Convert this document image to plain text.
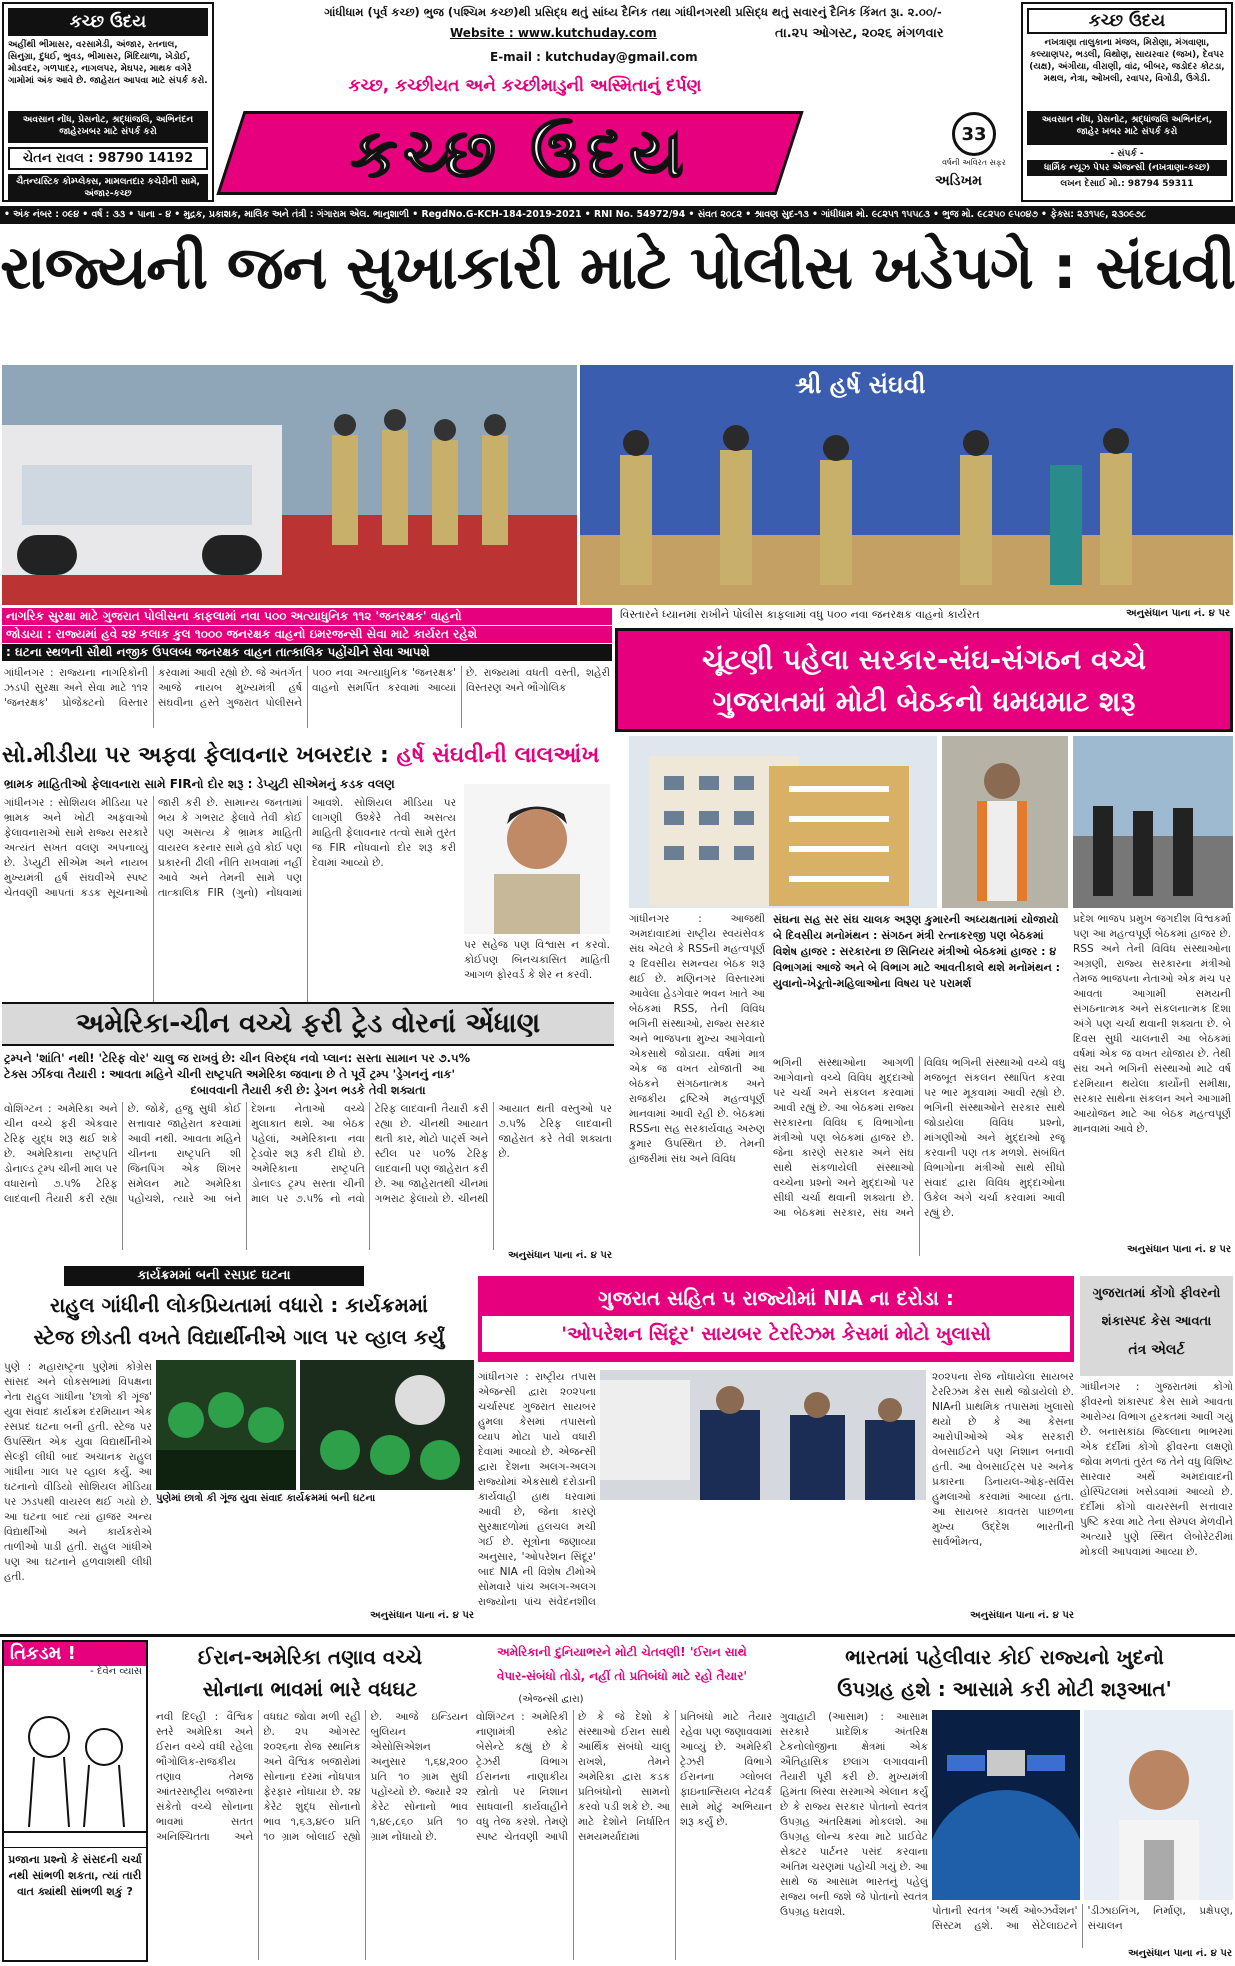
કચ્છ ઉદય
અહીંથી ભીમાસર, વરસામેડી, અંજાર, રતનાલ, સિનુગ્રા, દુધઈ, ભુવડ, ભીમાસર, મિંદિયાળા, ખેડોઈ, મોડવદર, ગળપાદર, નાગલપર, મેઘપર, માથક વગેરે ગામોમાં અંક આવે છે. જાહેરાત આપવા માટે સંપર્ક કરો.
અવસાન નોંધ, પ્રેસનોટ, શ્રદ્ધાંજલિ, અભિનંદન જાહેરખબર માટે સંપર્ક કરો
ચેતન રાવલ : 98790 14192
ચૈતન્યસ્ટિક કોમ્પ્લેક્સ, મામલતદાર કચેરીની સામે, અંજાર-કચ્છ
ગાંધીધામ (પૂર્વ કચ્છ) ભુજ (પશ્ચિમ કચ્છ)થી પ્રસિદ્ધ થતું સાંધ્ય દૈનિક તથા ગાંધીનગરથી પ્રસિદ્ધ થતું સવારનું દૈનિક કિંમત રૂા. ૨.૦૦/-
Website : www.kutchuday.com
E-mail : kutchuday@gmail.com
તા.૨૫ ઓગસ્ટ, ૨૦૨૬ મંગળવાર
કચ્છ, કચ્છીયત અને કચ્છીમાડુની અસ્મિતાનું દર્પણ
કચ્છ ઉદય	33
વર્ષની અવિરત સફર
અડિખમ
કચ્છ ઉદય
નખત્રાણા તાલુકાના મંજલ, મિરોણા, મંગવાણા, કલ્યાણપર, ભડલી, વિથોણ, સાયરવાર (જખ), દેવપર (યક્ષ), અંગીયા, વીરાણી, વાંઢ, બીબર, જડોદર કોટડા, મથલ, નેત્રા, ઓખલી, રવાપર, વિગોડી, ઉગેડી.
અવસાન નોંધ, પ્રેસનોટ, શ્રદ્ધાંજલિ અભિનંદન, જાહેર ખબર માટે સંપર્ક કરો
- સંપર્ક -
ધાર્મિક ન્યૂઝ પેપર એજન્સી (નખત્રાણા-કચ્છ)
લખન દેસાઈ મો.: 98794 59311
• અંક નંબર : ૦૯૪ • વર્ષ : ૩૩ • પાના - ૪ • મુદ્રક, પ્રકાશક, માલિક અને તંત્રી : ગંગારામ એલ. ભાનુશાળી • RegdNo.G-KCH-184-2019-2021 • RNI No. 54972/94 • સંવત ૨૦૮૨ • શ્રાવણ સુદ-૧૩ • ગાંધીધામ મો. ૯૮૨૫૧ ૧૫૫૮૩ • ભુજ મો. ૯૮૨૫૦ ૯૫૦૪૭ • ફેક્સ: ૨૩૧૫૯, ૨૩૦૯૭૮
રાજ્યની જન સુખાકારી માટે પોલીસ ખડેપગે : સંઘવી
શ્રી હર્ષ સંઘવી
વિસ્તારને ધ્યાનમાં રાખીને પોલીસ કાફલામાં વધુ ૫૦૦ નવા જનરક્ષક વાહનો કાર્યરત	અનુસંધાન પાના નં. ૪ પર
નાગરિક સુરક્ષા માટે ગુજરાત પોલીસના કાફલામાં નવા ૫૦૦ અત્યાધુનિક ૧૧૨ 'જનરક્ષક' વાહનો
જોડાયા : રાજ્યમાં હવે ૨૪ કલાક કુલ ૧૦૦૦ જનરક્ષક વાહનો ઇમરજન્સી સેવા માટે કાર્યરત રહેશે
: ઘટના સ્થળની સૌથી નજીક ઉપલબ્ધ જનરક્ષક વાહન તાત્કાલિક પહોંચીને સેવા આપશે
ગાંધીનગર : રાજ્યના નાગરિકોની ઝડપી સુરક્ષા અને સેવા માટે ૧૧૨ 'જનરક્ષક' પ્રોજેક્ટનો વિસ્તાર કરવામાં આવી રહ્યો છે. જે અંતર્ગત આજે નાયબ મુખ્યમંત્રી હર્ષ સંઘવીના હસ્તે ગુજરાત પોલીસને ૫૦૦ નવા અત્યાધુનિક 'જનરક્ષક' વાહનો સમર્પિત કરવામાં આવ્યાં છે. રાજ્યમાં વધતી વસ્તી, શહેરી વિસ્તરણ અને ભૌગોલિક
ચૂંટણી પહેલા સરકાર-સંઘ-સંગઠન વચ્ચે
ગુજરાતમાં મોટી બેઠકનો ધમધમાટ શરૂ
ગાંધીનગર : આજથી અમદાવાદમાં રાષ્ટ્રીય સ્વયંસેવક સંઘ એટલે કે RSSની મહત્વપૂર્ણ ૨ દિવસીય સમન્વય બેઠક શરૂ થઈ છે. મણિનગર વિસ્તારમાં આવેલા હેડગેવાર ભવન ખાતે આ બેઠકમાં RSS, તેની વિવિધ ભગિની સંસ્થાઓ, રાજ્ય સરકાર અને ભાજપના મુખ્ય આગેવાનો એકસાથે જોડાયા. વર્ષમાં માત્ર એક જ વખત યોજાતી આ બેઠકને સંગઠનાત્મક અને રાજકીય દ્રષ્ટિએ મહત્વપૂર્ણ માનવામાં આવી રહી છે. બેઠકમાં RSSના સહ સરકાર્યવાહ અરુણ કુમાર ઉપસ્થિત છે. તેમની હાજરીમાં સંઘ અને વિવિધ
સંઘના સહ સર સંઘ ચાલક અરૂણ કુમારની અધ્યક્ષતામાં યોજાયો બે દિવસીય મનોમંથન : સંગઠન મંત્રી રત્નાકરજી પણ બેઠકમાં વિશેષ હાજર : સરકારના છ સિનિયર મંત્રીઓ બેઠકમાં હાજર : ૪ વિભાગમાં આજે અને બે વિભાગ માટે આવતીકાલે થશે મનોમંથન : યુવાનો-ખેડૂતો-મહિલાઓના વિષય પર પરામર્શ
ભગિની સંસ્થાઓના આગળી આગેવાનો વચ્ચે વિવિધ મુદ્દાઓ પર ચર્ચા અને સંકલન કરવામાં આવી રહ્યું છે. આ બેઠકમાં રાજ્ય સરકારના વિવિધ ૬ વિભાગોના મંત્રીઓ પણ બેઠકમાં હાજર છે. જેના કારણે સરકાર અને સંઘ સાથે સંકળાયેલી સંસ્થાઓ વચ્ચેના પ્રશ્નો અને મુદ્દાઓ પર સીધી ચર્ચા થવાની શક્યતા છે. આ બેઠકમાં સરકાર, સંઘ અને વિવિધ ભગિની સંસ્થાઓ વચ્ચે વધુ મજબૂત સંકલન સ્થાપિત કરવા પર ભાર મૂકવામાં આવી રહ્યો છે. ભગિની સંસ્થાઓને સરકાર સાથે જોડાયેલા વિવિધ પ્રશ્નો, માંગણીઓ અને મુદ્દાઓ રજૂ કરવાની પણ તક મળશે. સંબંધિત વિભાગોના મંત્રીઓ સાથે સીધો સંવાદ દ્વારા વિવિધ મુદ્દાઓના ઉકેલ અંગે ચર્ચા કરવામાં આવી રહ્યું છે.
પ્રદેશ ભાજપ પ્રમુખ જગદીશ વિશ્વકર્મા પણ આ મહત્વપૂર્ણ બેઠકમાં હાજર છે. RSS અને તેની વિવિધ સંસ્થાઓના અગ્રણી, રાજ્ય સરકારના મંત્રીઓ તેમજ ભાજપના નેતાઓ એક મંચ પર આવતા આગામી સમયની સંગઠનાત્મક અને સંકલનાત્મક દિશા અંગે પણ ચર્ચા થવાની શક્યતા છે. બે દિવસ સુધી ચાલનારી આ બેઠકમાં વર્ષમાં એક જ વખત યોજાય છે. તેથી સંઘ અને ભગિની સંસ્થાઓ માટે વર્ષ દરમિયાન થયેલા કાર્યોની સમીક્ષા, સરકાર સાથેના સંકલન અને આગામી આયોજન માટે આ બેઠક મહત્વપૂર્ણ માનવામાં આવે છે.
અનુસંધાન પાના નં. ૪ પર
સો.મીડીયા પર અફવા ફેલાવનાર ખબરદાર : હર્ષ સંઘવીની લાલઆંખ
ભ્રામક માહિતીઓ ફેલાવનારા સામે FIRનો દોર શરૂ : ડેપ્યુટી સીએમનું કડક વલણ
ગાંધીનગર : સોશિયલ મીડિયા પર ભ્રામક અને ખોટી અફવાઓ ફેલાવનારાઓ સામે રાજ્ય સરકારે અત્યંત સખત વલણ અપનાવ્યું છે. ડેપ્યુટી સીએમ અને નાયબ મુખ્યમંત્રી હર્ષ સંઘવીએ સ્પષ્ટ ચેતવણી આપતાં કડક સૂચનાઓ જારી કરી છે. સામાન્ય જનતામાં ભય કે ગભરાટ ફેલાવે તેવી કોઈ પણ અસત્ય કે ભ્રામક માહિતી વાયરલ કરનાર સામે હવે કોઈ પણ પ્રકારની ઢીલી નીતિ રાખવામાં નહીં આવે અને તેમની સામે પણ તાત્કાલિક FIR (ગુનો) નોંધવામાં આવશે. સોશિયલ મીડિયા પર લાગણી ઉશ્કેરે તેવી અસત્ય માહિતી ફેલાવનાર તત્વો સામે તુરંત જ FIR નોંધવાનો દોર શરૂ કરી દેવામાં આવ્યો છે.
પર સહેજ પણ વિશ્વાસ ન કરવો. કોઈપણ બિનચકાસિત માહિતી આગળ ફોરવર્ડ કે શેર ન કરવી.
અમેરિકા-ચીન વચ્ચે ફરી ટ્રેડ વોરનાં એંધાણ
ટ્રમ્પને 'શાંતિ' નથી! 'ટેરિફ વોર' ચાલુ જ રાખવું છે: ચીન વિરુદ્ધ નવો પ્લાન: સસ્તા સામાન પર ૭.૫%
ટેક્સ ઝીંકવા તૈયારી : આવતા મહિને ચીની રાષ્ટ્રપતિ અમેરિકા જવાના છે તે પૂર્વે ટ્રમ્પ 'ડ્રેગનનું નાક'
દબાવવાની તૈયારી કરી છે: ડ્રેગન ભડકે તેવી શક્યતા
વોશિંગ્ટન : અમેરિકા અને ચીન વચ્ચે ફરી એકવાર ટેરિફ યુદ્ધ શરૂ થઈ શકે છે. અમેરિકાના રાષ્ટ્રપતિ ડોનાલ્ડ ટ્રમ્પ ચીની માલ પર વધારાનો ૭.૫% ટેરિફ લાદવાની તૈયારી કરી રહ્યા છે. જોકે, હજુ સુધી કોઈ સત્તાવાર જાહેરાત કરવામાં આવી નથી. આવતા મહિને ચીનના રાષ્ટ્રપતિ શી જિનપિંગ એક શિખર સંમેલન માટે અમેરિકા પહોંચશે, ત્યારે આ બંને દેશના નેતાઓ વચ્ચે મુલાકાત થશે. આ બેઠક પહેલાં, અમેરિકાના નવા ટ્રેડવોર શરૂ કરી દીધો છે. અમેરિકાના રાષ્ટ્રપતિ ડોનાલ્ડ ટ્રમ્પ સસ્તા ચીની માલ પર ૭.૫% નો નવો ટેરિફ લાદવાની તૈયારી કરી રહ્યા છે. ચીનથી આયાત થતી કાર, મોટો પાર્ટ્સ અને સ્ટીલ પર ૫૦% ટેરિફ લાદવાની પણ જાહેરાત કરી છે. આ જાહેરાતથી ચીનમાં ગભરાટ ફેલાયો છે. ચીનથી આયાત થતી વસ્તુઓ પર ૭.૫% ટેરિફ લાદવાની જાહેરાત કરે તેવી શક્યતા છે.
અનુસંધાન પાના નં. ૪ પર
કાર્યક્રમમાં બની રસપ્રદ ઘટના
રાહુલ ગાંધીની લોકપ્રિયતામાં વધારો : કાર્યક્રમમાં
સ્ટેજ છોડતી વખતે વિદ્યાર્થીનીએ ગાલ પર વ્હાલ કર્યું
પુણે : મહારાષ્ટ્રના પુણેમાં કોંગ્રેસ સાંસદ અને લોકસભામાં વિપક્ષના નેતા રાહુલ ગાંધીના 'છાત્રો કી ગૂંજ' યુવા સંવાદ કાર્યક્રમ દરમિયાન એક રસપ્રદ ઘટના બની હતી. સ્ટેજ પર ઉપસ્થિત એક યુવા વિદ્યાર્થીનીએ સેલ્ફી લીધી બાદ અચાનક રાહુલ ગાંધીના ગાલ પર વ્હાલ કર્યું. આ ઘટનાનો વીડિયો સોશિયલ મીડિયા પર ઝડપથી વાયરલ થઈ ગયો છે. આ ઘટના બાદ ત્યાં હાજર અન્ય વિદ્યાર્થીઓ અને કાર્યકરોએ તાળીઓ પાડી હતી. રાહુલ ગાંધીએ પણ આ ઘટનાને હળવાશથી લીધી હતી.
પુણેમાં છાત્રો કી ગૂંજ યુવા સંવાદ કાર્યક્રમમાં બની ઘટના
અનુસંધાન પાના નં. ૪ પર
ગુજરાત સહિત ૫ રાજ્યોમાં NIA ના દરોડા :
'ઓપરેશન સિંદૂર' સાયબર ટેરરિઝમ કેસમાં મોટો ખુલાસો
ગાંધીનગર : રાષ્ટ્રીય તપાસ એજન્સી દ્વારા ૨૦૨૫ના ચર્ચાસ્પદ ગુજરાત સાયબર હુમલા કેસમાં તપાસનો વ્યાપ મોટા પાયે વધારી દેવામાં આવ્યો છે. એજન્સી દ્વારા દેશના અલગ-અલગ રાજ્યોમાં એકસાથે દરોડાની કાર્યવાહી હાથ ધરવામાં આવી છે, જેના કારણે સુરક્ષાદળોમાં હલચલ મચી ગઈ છે. સૂત્રોના જણાવ્યા અનુસાર, 'ઓપરેશન સિંદૂર' બાદ NIA ની વિશેષ ટીમોએ સોમવારે પાંચ અલગ-અલગ રાજ્યોના પાંચ સંવેદનશીલ
૨૦૨૫ના રોજ નોંધાયેલા સાયબર ટેરરિઝમ કેસ સાથે જોડાયેલો છે. NIAની પ્રાથમિક તપાસમાં ખુલાસો થયો છે કે આ કેસના આરોપીઓએ એક સરકારી વેબસાઈટને પણ નિશાન બનાવી હતી. આ વેબસાઈટ્સ પર અનેક પ્રકારના ડિનાયલ-ઓફ-સર્વિસ હુમલાઓ કરવામાં આવ્યા હતા. આ સાયબર કાવતરા પાછળના મુખ્ય ઉદ્દેશ ભારતીની સાર્વભૌમત્વ,
અનુસંધાન પાના નં. ૪ પર
ગુજરાતમાં કોંગો ફીવરનો
શંકાસ્પદ કેસ આવતા
તંત્ર એલર્ટ
ગાંધીનગર : ગુજરાતમાં કોંગો ફીવરનો શંકાસ્પદ કેસ સામે આવતા આરોગ્ય વિભાગ હરકતમાં આવી ગયું છે. બનાસકાંઠા જિલ્લાના ભાભરમાં એક દર્દીમાં કોંગો ફીવરના લક્ષણો જોવા મળતાં તુરંત જ તેને વધુ વિશિષ્ટ સારવાર અર્થે અમદાવાદની હોસ્પિટલમાં ખસેડવામાં આવ્યો છે. દર્દીમાં કોંગો વાયરસની સત્તાવાર પુષ્ટિ કરવા માટે તેના સેમ્પલ મેળવીને અત્યારે પુણે સ્થિત લેબોરેટરીમાં મોકલી આપવામાં આવ્યા છે.
તિકડમ !
- દેવેન વ્યાસ
પ્રજાના પ્રશ્નો કે સંસદની ચર્ચા નથી સાંભળી શકતા, ત્યાં તારી વાત ક્યાંથી સાંભળી શકું ?
ઈરાન-અમેરિકા તણાવ વચ્ચે
સોનાના ભાવમાં ભારે વધઘટ
નવી દિલ્હી : વૈશ્વિક સ્તરે અમેરિકા અને ઈરાન વચ્ચે વધી રહેલા ભૌગોલિક-રાજકીય તણાવ તેમજ આંતરરાષ્ટ્રીય બજારના સંકેતો વચ્ચે સોનાના ભાવમાં સતત અનિશ્ચિતતા અને વધઘટ જોવા મળી રહી છે. ૨૫ ઓગસ્ટ ૨૦૨૬ના રોજ સ્થાનિક અને વૈશ્વિક બજારોમાં સોનાના દરમાં નોંધપાત્ર ફેરફાર નોંધાયા છે. ૨૪ કેરેટ શુદ્ધ સોનાનો ભાવ ૧,૬૩,૪૯૦ પ્રતિ ૧૦ ગ્રામ બોલાઈ રહ્યો છે. આજે ઇન્ડિયન બુલિયન એસોસિએશન અનુસાર ૧,૬૪,૨૦૦ પ્રતિ ૧૦ ગ્રામ સુધી પહોંચ્યો છે. જ્યારે ૨૨ કેરેટ સોનાનો ભાવ ૧,૪૯,૮૬૦ પ્રતિ ૧૦ ગ્રામ નોંધાયો છે.
અમેરિકાની દુનિયાભરને મોટી ચેતવણી! 'ઈરાન સાથે
વેપાર-સંબંધો તોડો, નહીં તો પ્રતિબંધો માટે રહો તૈયાર'
(એજન્સી દ્વારા)
વોશિંગ્ટન : અમેરિકી નાણામંત્રી સ્કોટ બેસેન્ટે કહ્યું છે કે ટ્રેઝરી વિભાગ ઈરાનના નાણાકીય સ્ત્રોતો પર નિશાન સાધવાની કાર્યવાહીને વધુ તેજ કરશે. તેમણે સ્પષ્ટ ચેતવણી આપી છે કે જે દેશો કે સંસ્થાઓ ઈરાન સાથે આર્થિક સંબંધો ચાલુ રાખશે, તેમને અમેરિકા દ્વારા કડક પ્રતિબંધોનો સામનો કરવો પડી શકે છે. આ માટે દેશોને નિર્ધારિત સમયમર્યાદામાં પ્રતિબંધો માટે તૈયાર રહેવા પણ જણાવવામાં આવ્યું છે. અમેરિકી ટ્રેઝરી વિભાગે ઈરાનના ગ્લોબલ ફાઇનાન્સિયલ નેટવર્ક સામે મોટું અભિયાન શરૂ કર્યું છે.
ભારતમાં પહેલીવાર કોઈ રાજ્યનો ખુદનો
ઉપગ્રહ હશે : આસામે કરી મોટી શરૂઆત'
ગુવાહાટી (આસામ) : આસામ સરકારે પ્રાદેશિક અંતરિક્ષ ટેકનોલોજીના ક્ષેત્રમાં એક ઐતિહાસિક છલાંગ લગાવવાની તૈયારી પૂરી કરી છે. મુખ્યમંત્રી હિમંતા બિસ્વા સરમાએ એલાન કર્યું છે કે રાજ્ય સરકાર પોતાનો સ્વતંત્ર ઉપગ્રહ અંતરિક્ષમાં મોકલશે. આ ઉપગ્રહ લોન્ચ કરવા માટે પ્રાઈવેટ સેક્ટર પાર્ટનર પસંદ કરવાના અંતિમ ચરણમાં પહોંચી ગયું છે. આ સાથે જ આસામ ભારતનું પહેલું રાજ્ય બની જશે જે પોતાનો સ્વતંત્ર ઉપગ્રહ ધરાવશે.	પોતાની સ્વતંત્ર 'અર્થ ઓબ્ઝર્વેશન' સિસ્ટમ હશે. આ સેટેલાઇટને 'ડીઝાઇનિંગ, નિર્માણ, પ્રક્ષેપણ, સંચાલન
અનુસંધાન પાના નં. ૪ પર
